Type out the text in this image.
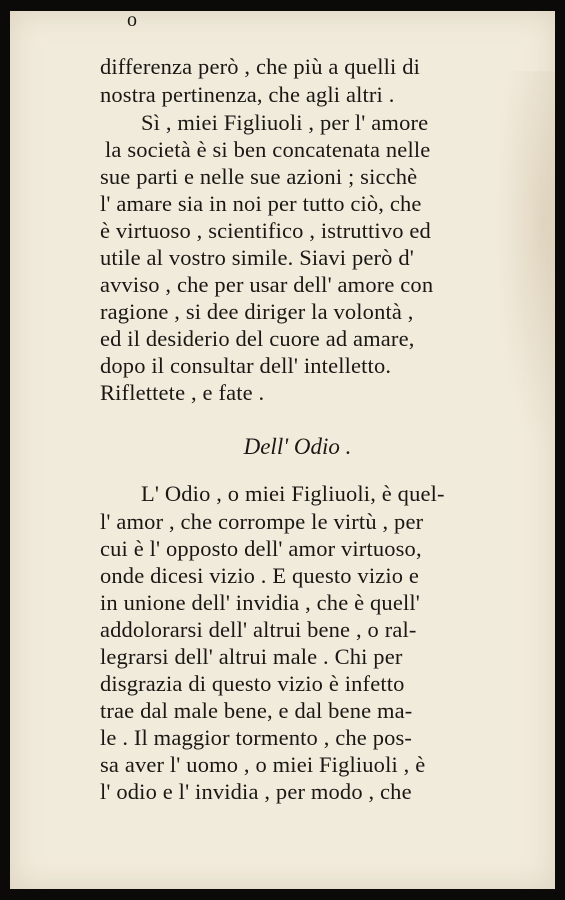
o
differenza però , che più a quelli di
nostra pertinenza, che agli altri .
Sì , miei Figliuoli , per l' amore
la società è si ben concatenata nelle
sue parti e nelle sue azioni ; sicchè
l' amare sia in noi per tutto ciò, che
è virtuoso , scientifico , istruttivo ed
utile al vostro simile. Siavi però d'
avviso , che per usar dell' amore con
ragione , si dee diriger la volontà ,
ed il desiderio del cuore ad amare,
dopo il consultar dell' intelletto.
Riflettete , e fate .
Dell' Odio .
L' Odio , o miei Figliuoli, è quel-
l' amor , che corrompe le virtù , per
cui è l' opposto dell' amor virtuoso,
onde dicesi vizio . E questo vizio e
in unione dell' invidia , che è quell'
addolorarsi dell' altrui bene , o ral-
legrarsi dell' altrui male . Chi per
disgrazia di questo vizio è infetto
trae dal male bene, e dal bene ma-
le . Il maggior tormento , che pos-
sa aver l' uomo , o miei Figliuoli , è
l' odio e l' invidia , per modo , che
